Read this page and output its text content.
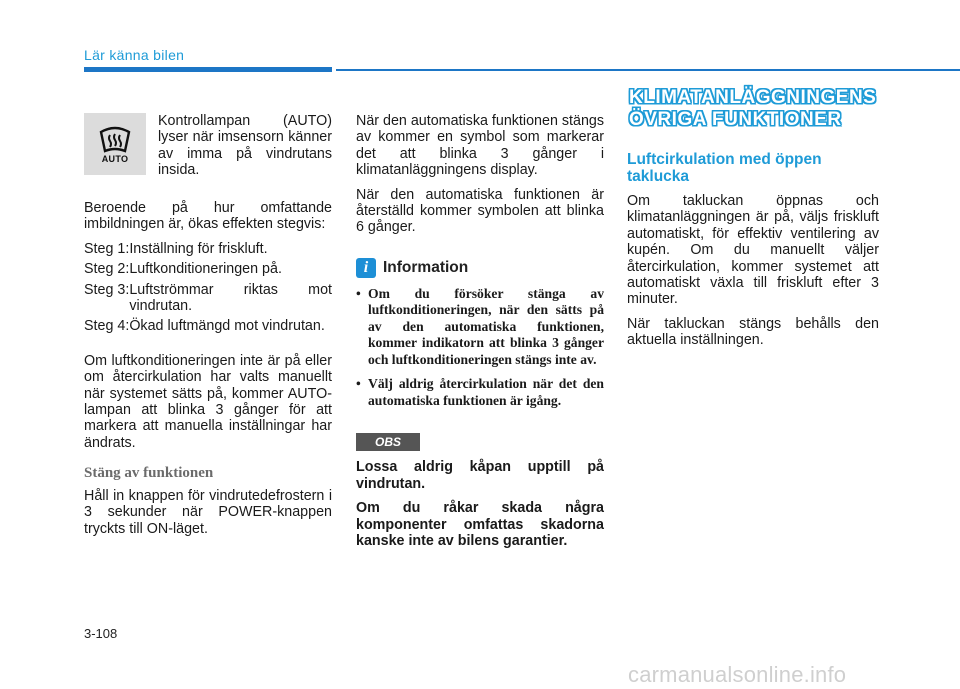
Lär känna bilen
AUTO
Kontrollampan (AUTO) lyser när imsensorn känner av imma på vindrutans insida.

Beroende på hur omfattande imbildningen är, ökas effekten stegvis:

Steg 1: Inställning för friskluft.
Steg 2: Luftkonditioneringen på.
Steg 3: Luftströmmar riktas mot vindrutan.
Steg 4: Ökad luftmängd mot vindrutan.

Om luftkonditioneringen inte är på eller om återcirkulation har valts manuellt när systemet sätts på, kommer AUTO-lampan att blinka 3 gånger för att markera att manuella inställningar har ändrats.

Stäng av funktionen

Håll in knappen för vindrutedefrostern i 3 sekunder när POWER-knappen tryckts till ON-läget.

När den automatiska funktionen stängs av kommer en symbol som markerar det att blinka 3 gånger i klimatanläggningens display.

När den automatiska funktionen är återställd kommer symbolen att blinka 6 gånger.

i Information
• Om du försöker stänga av luftkonditioneringen, när den sätts på av den automatiska funktionen, kommer indikatorn att blinka 3 gånger och luftkonditioneringen stängs inte av.
• Välj aldrig återcirkulation när det den automatiska funktionen är igång.
OBS

Lossa aldrig kåpan upptill på vindrutan.

Om du råkar skada några komponenter omfattas skadorna kanske inte av bilens garantier.

KLIMATANLÄGGNINGENS
ÖVRIGA FUNKTIONER
Luftcirkulation med öppen taklucka

Om takluckan öppnas och klimatanläggningen är på, väljs friskluft automatiskt, för effektiv ventilering av kupén. Om du manuellt väljer återcirkulation, kommer systemet att automatiskt växla till friskluft efter 3 minuter.

När takluckan stängs behålls den aktuella inställningen.

3-108
carmanualsonline.info
